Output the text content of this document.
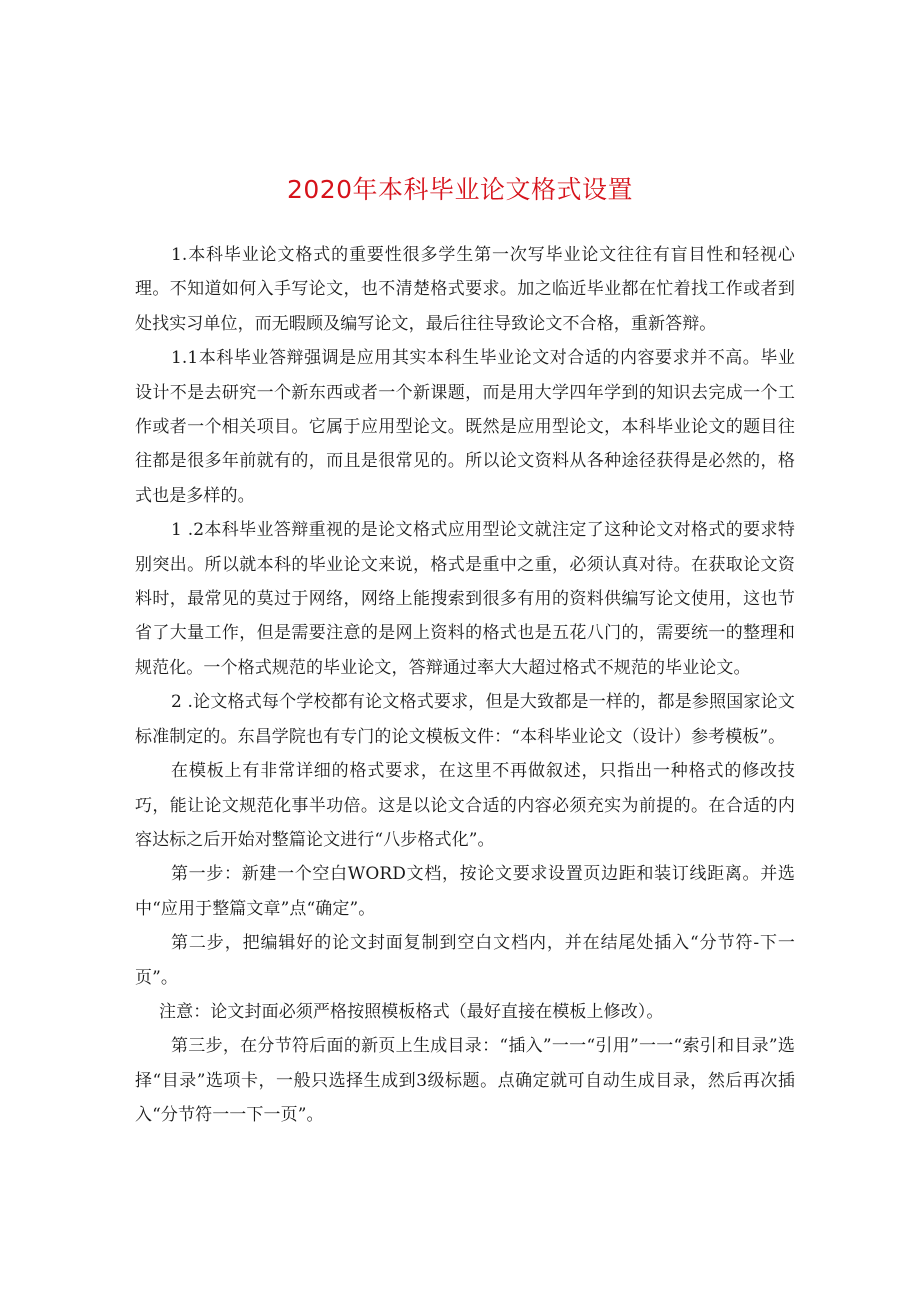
2020年本科毕业论文格式设置

1.本科毕业论文格式的重要性很多学生第一次写毕业论文往往有盲目性和轻视心理。不知道如何入手写论文，也不清楚格式要求。加之临近毕业都在忙着找工作或者到处找实习单位，而无暇顾及编写论文，最后往往导致论文不合格，重新答辩。

1.1本科毕业答辩强调是应用其实本科生毕业论文对合适的内容要求并不高。毕业设计不是去研究一个新东西或者一个新课题，而是用大学四年学到的知识去完成一个工作或者一个相关项目。它属于应用型论文。既然是应用型论文，本科毕业论文的题目往往都是很多年前就有的，而且是很常见的。所以论文资料从各种途径获得是必然的，格式也是多样的。

1 .2本科毕业答辩重视的是论文格式应用型论文就注定了这种论文对格式的要求特别突出。所以就本科的毕业论文来说，格式是重中之重，必须认真对待。在获取论文资料时，最常见的莫过于网络，网络上能搜索到很多有用的资料供编写论文使用，这也节省了大量工作，但是需要注意的是网上资料的格式也是五花八门的，需要统一的整理和规范化。一个格式规范的毕业论文，答辩通过率大大超过格式不规范的毕业论文。

2 .论文格式每个学校都有论文格式要求，但是大致都是一样的，都是参照国家论文标准制定的。东昌学院也有专门的论文模板文件：“本科毕业论文（设计）参考模板”。

在模板上有非常详细的格式要求，在这里不再做叙述，只指出一种格式的修改技巧，能让论文规范化事半功倍。这是以论文合适的内容必须充实为前提的。在合适的内容达标之后开始对整篇论文进行“八步格式化”。

第一步：新建一个空白WORD文档，按论文要求设置页边距和装订线距离。并选中“应用于整篇文章”点“确定”。

第二步，把编辑好的论文封面复制到空白文档内，并在结尾处插入“分节符-下一页”。

注意：论文封面必须严格按照模板格式（最好直接在模板上修改）。

第三步，在分节符后面的新页上生成目录：“插入”一一“引用”一一“索引和目录”选择“目录”选项卡，一般只选择生成到3级标题。点确定就可自动生成目录，然后再次插入“分节符一一下一页”。
